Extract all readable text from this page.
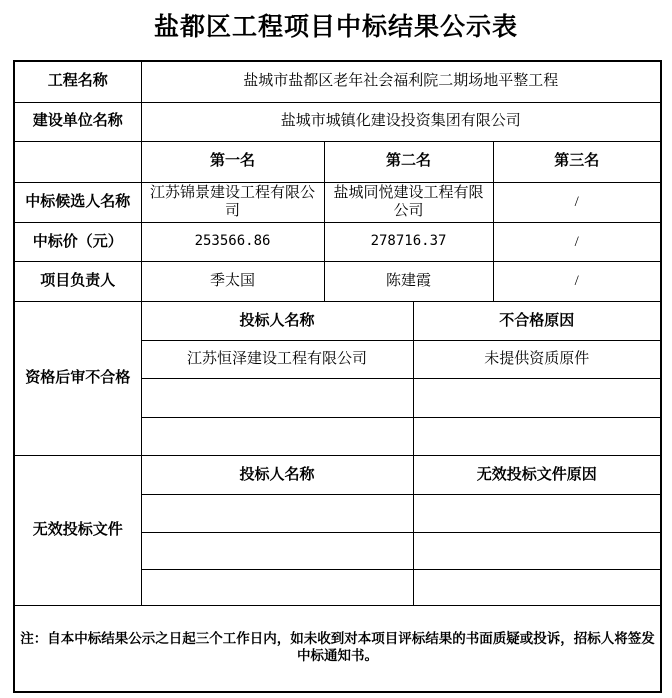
盐都区工程项目中标结果公示表
工程名称	盐城市盐都区老年社会福利院二期场地平整工程			
建设单位名称	盐城市城镇化建设投资集团有限公司			
	第一名	第二名		第三名
中标候选人名称	江苏锦景建设工程有限公司	盐城同悦建设工程有限公司		/
中标价（元）	253566.86	278716.37		/
项目负责人	季太国	陈建霞		/
资格后审不合格	投标人名称		不合格原因	
	江苏恒泽建设工程有限公司		未提供资质原件	

无效投标文件	投标人名称		无效投标文件原因	

注：自本中标结果公示之日起三个工作日内，如未收到对本项目评标结果的书面质疑或投诉，招标人将签发中标通知书。				
